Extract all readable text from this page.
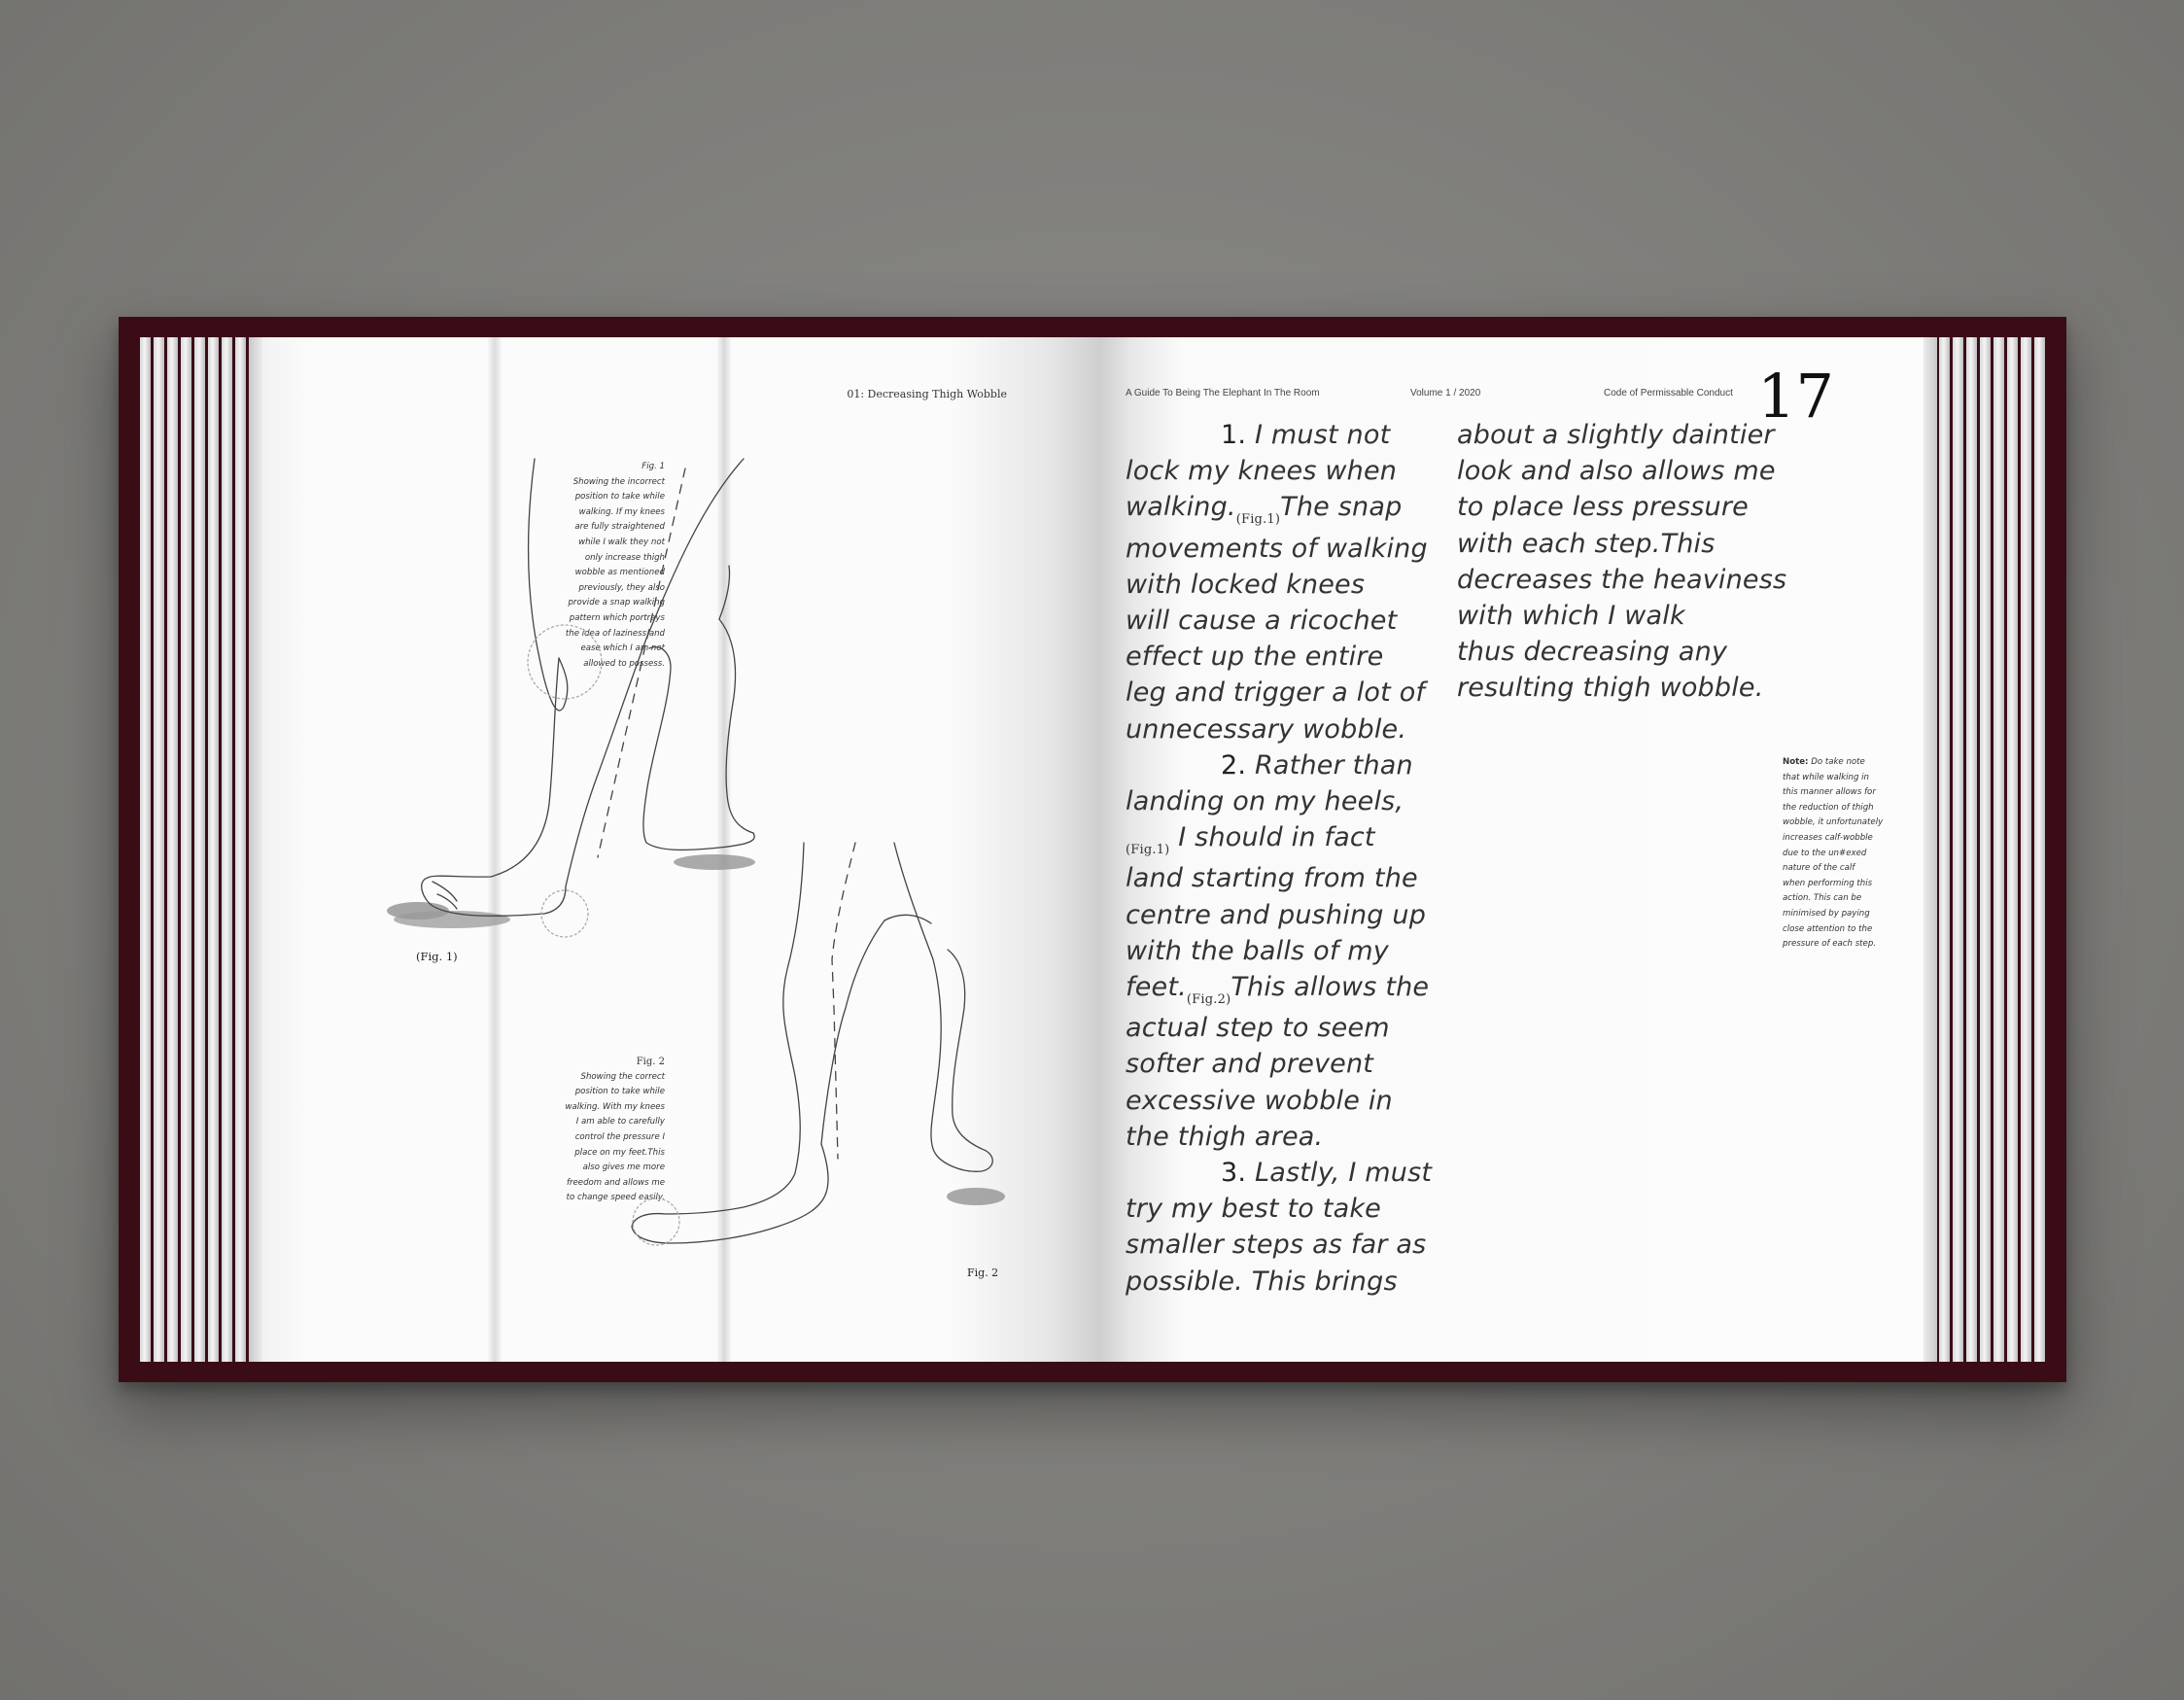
01: Decreasing Thigh Wobble
Fig. 1
Showing the incorrect
position to take while
walking. If my knees
are fully straightened
while I walk they not
only increase thigh
wobble as mentioned
previously, they also
provide a snap walking
pattern which portrays
the idea of laziness and
ease which I am not
allowed to possess.
(Fig. 1)
Fig. 2
Showing the correct
position to take while
walking. With my knees
I am able to carefully
control the pressure I
place on my feet.This
also gives me more
freedom and allows me
to change speed easily.
Fig. 2
A Guide To Being The Elephant In The Room	Volume 1 / 2020	Code of Permissable Conduct 17
1. I must not
lock my knees when
$walking._{(Fig.1)}The$ snap
movements of walking
with locked knees
will cause a ricochet
effect up the entire
leg and trigger a lot of
unnecessary wobble.
2. Rather than
landing on my heels,
$_{(Fig.1)}$ I should in fact
land starting from the
centre and pushing up
with the balls of my
$feet._{(Fig.2)}This$ allows the
actual step to seem
softer and prevent
excessive wobble in
the thigh area.
3. Lastly, I must
try my best to take
smaller steps as far as
possible. This brings
about a slightly daintier
look and also allows me
to place less pressure
with each step.This
decreases the heaviness
with which I walk
thus decreasing any
resulting thigh wobble.
Note: Do take note
that while walking in
this manner allows for
the reduction of thigh
wobble, it unfortunately
increases calf-wobble
due to the un#exed
nature of the calf
when performing this
action. This can be
minimised by paying
close attention to the
pressure of each step.
